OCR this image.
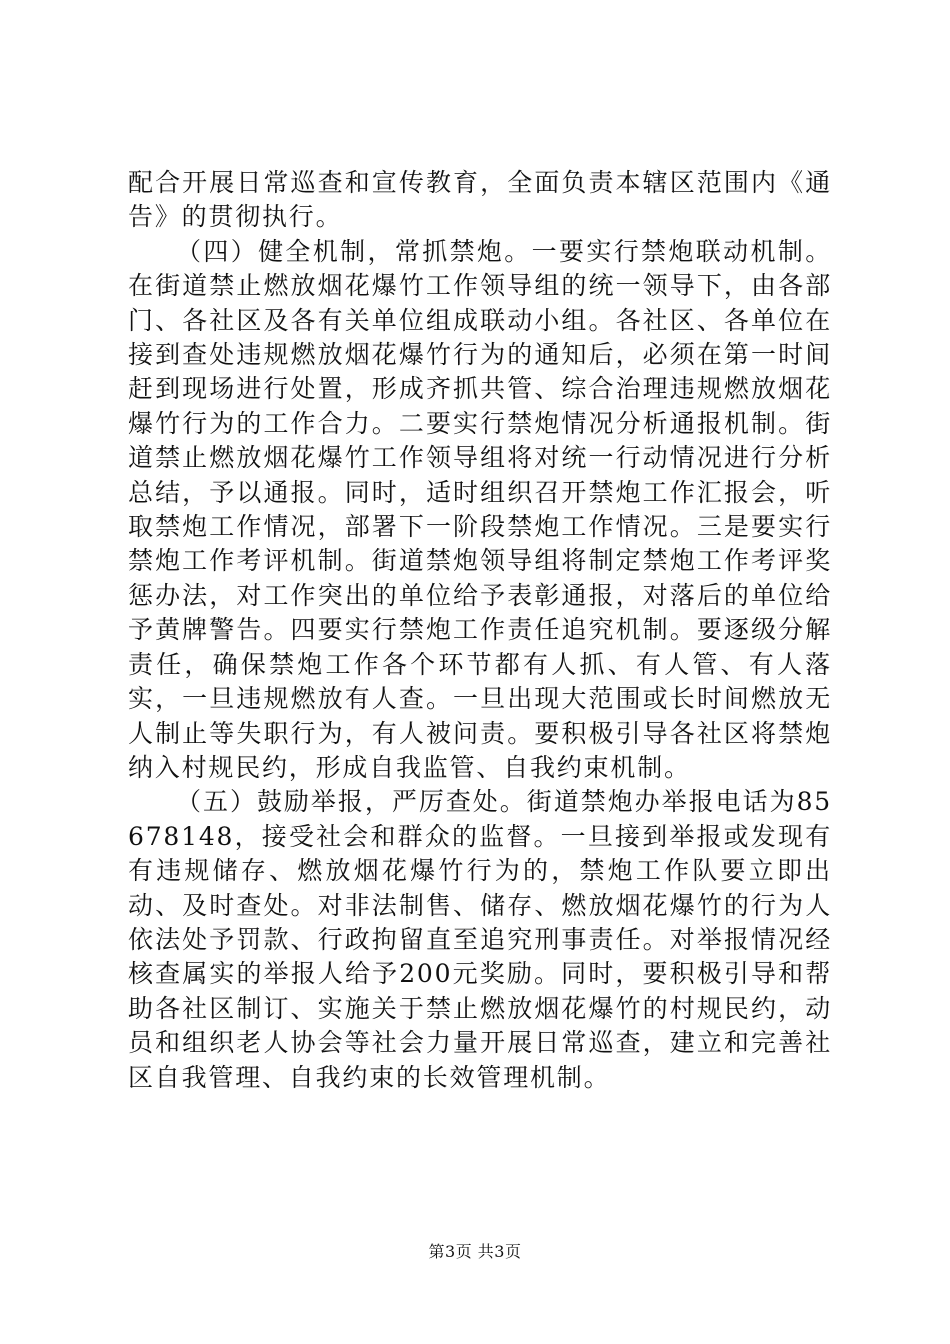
配合开展日常巡查和宣传教育，全面负责本辖区范围内《通告》的贯彻执行。

（四）健全机制，常抓禁炮。一要实行禁炮联动机制。在街道禁止燃放烟花爆竹工作领导组的统一领导下，由各部门、各社区及各有关单位组成联动小组。各社区、各单位在接到查处违规燃放烟花爆竹行为的通知后，必须在第一时间赶到现场进行处置，形成齐抓共管、综合治理违规燃放烟花爆竹行为的工作合力。二要实行禁炮情况分析通报机制。街道禁止燃放烟花爆竹工作领导组将对统一行动情况进行分析总结，予以通报。同时，适时组织召开禁炮工作汇报会，听取禁炮工作情况，部署下一阶段禁炮工作情况。三是要实行禁炮工作考评机制。街道禁炮领导组将制定禁炮工作考评奖惩办法，对工作突出的单位给予表彰通报，对落后的单位给予黄牌警告。四要实行禁炮工作责任追究机制。要逐级分解责任，确保禁炮工作各个环节都有人抓、有人管、有人落实，一旦违规燃放有人查。一旦出现大范围或长时间燃放无人制止等失职行为，有人被问责。要积极引导各社区将禁炮纳入村规民约，形成自我监管、自我约束机制。

（五）鼓励举报，严厉查处。街道禁炮办举报电话为85678148，接受社会和群众的监督。一旦接到举报或发现有有违规储存、燃放烟花爆竹行为的，禁炮工作队要立即出动、及时查处。对非法制售、储存、燃放烟花爆竹的行为人依法处予罚款、行政拘留直至追究刑事责任。对举报情况经核查属实的举报人给予200元奖励。同时，要积极引导和帮助各社区制订、实施关于禁止燃放烟花爆竹的村规民约，动员和组织老人协会等社会力量开展日常巡查，建立和完善社区自我管理、自我约束的长效管理机制。

第3页 共3页
